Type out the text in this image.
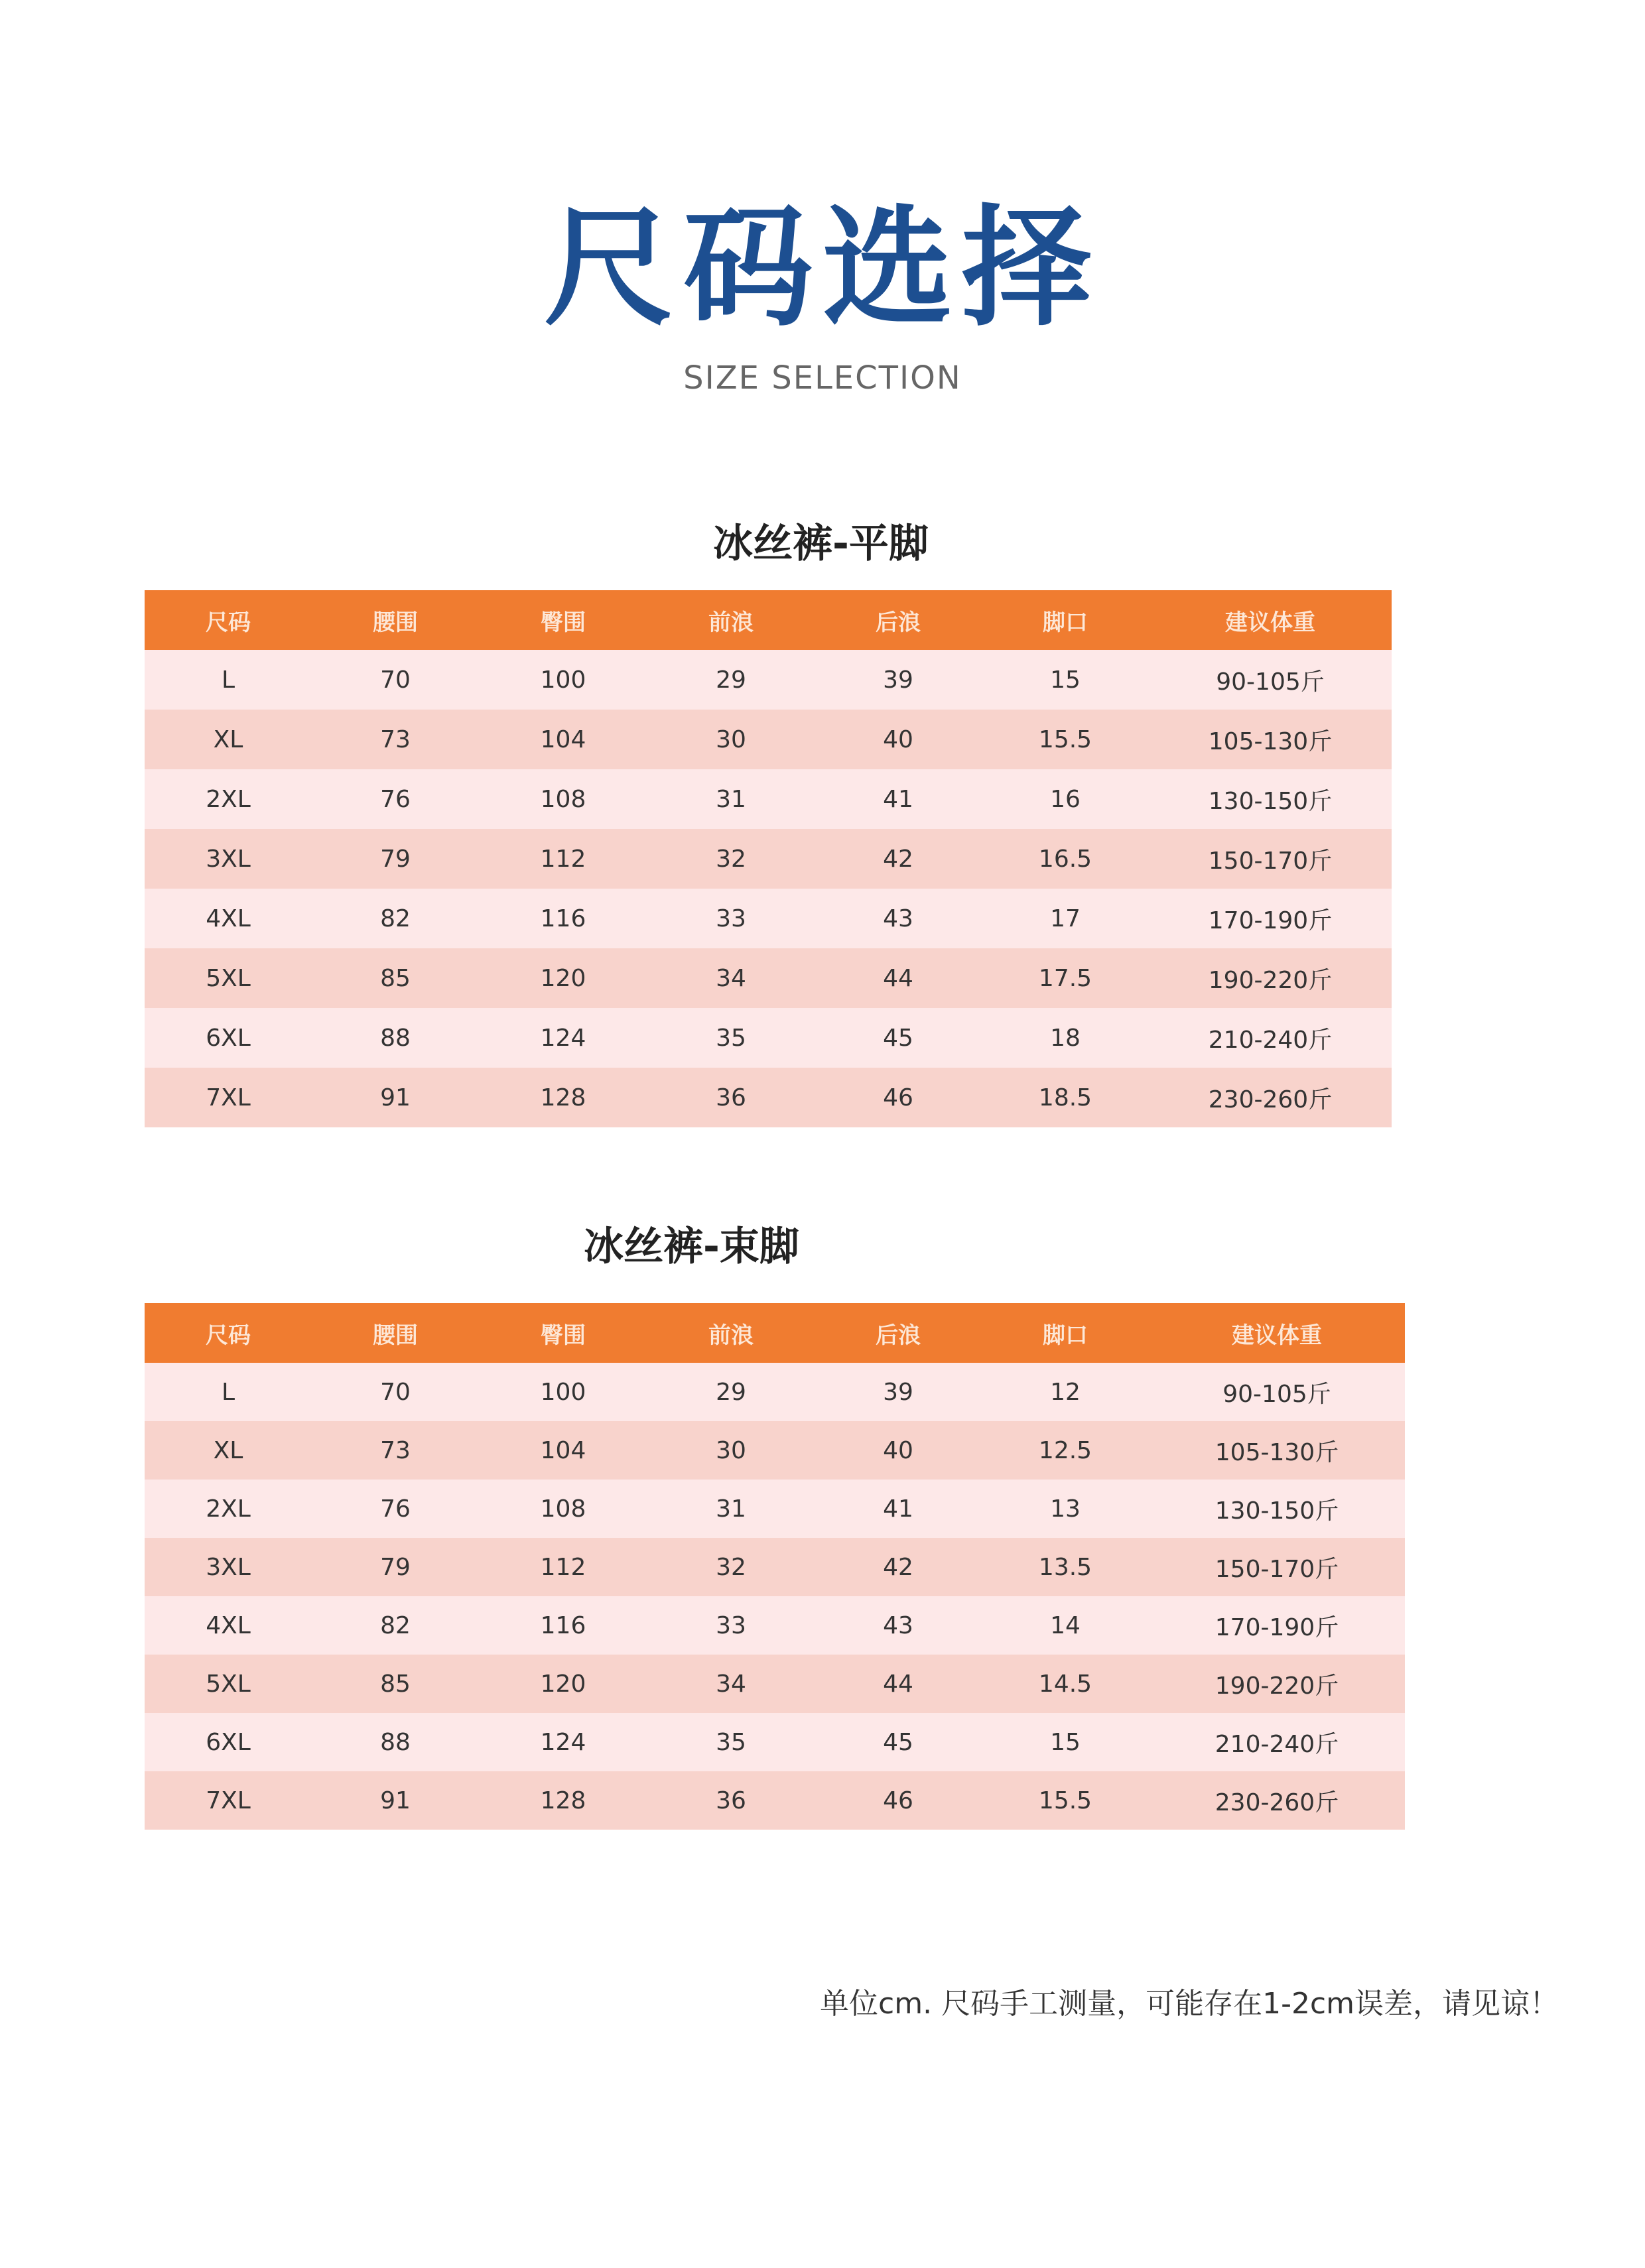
尺码选择
SIZE SELECTION
冰丝裤-平脚
尺码	腰围	臀围	前浪	后浪	脚口	建议体重
L	70	100	29	39	15	90-105斤
XL	73	104	30	40	15.5	105-130斤
2XL	76	108	31	41	16	130-150斤
3XL	79	112	32	42	16.5	150-170斤
4XL	82	116	33	43	17	170-190斤
5XL	85	120	34	44	17.5	190-220斤
6XL	88	124	35	45	18	210-240斤
7XL	91	128	36	46	18.5	230-260斤
冰丝裤-束脚
尺码	腰围	臀围	前浪	后浪	脚口	建议体重
L	70	100	29	39	12	90-105斤
XL	73	104	30	40	12.5	105-130斤
2XL	76	108	31	41	13	130-150斤
3XL	79	112	32	42	13.5	150-170斤
4XL	82	116	33	43	14	170-190斤
5XL	85	120	34	44	14.5	190-220斤
6XL	88	124	35	45	15	210-240斤
7XL	91	128	36	46	15.5	230-260斤
单位cm. 尺码手工测量，可能存在1-2cm误差，请见谅！
